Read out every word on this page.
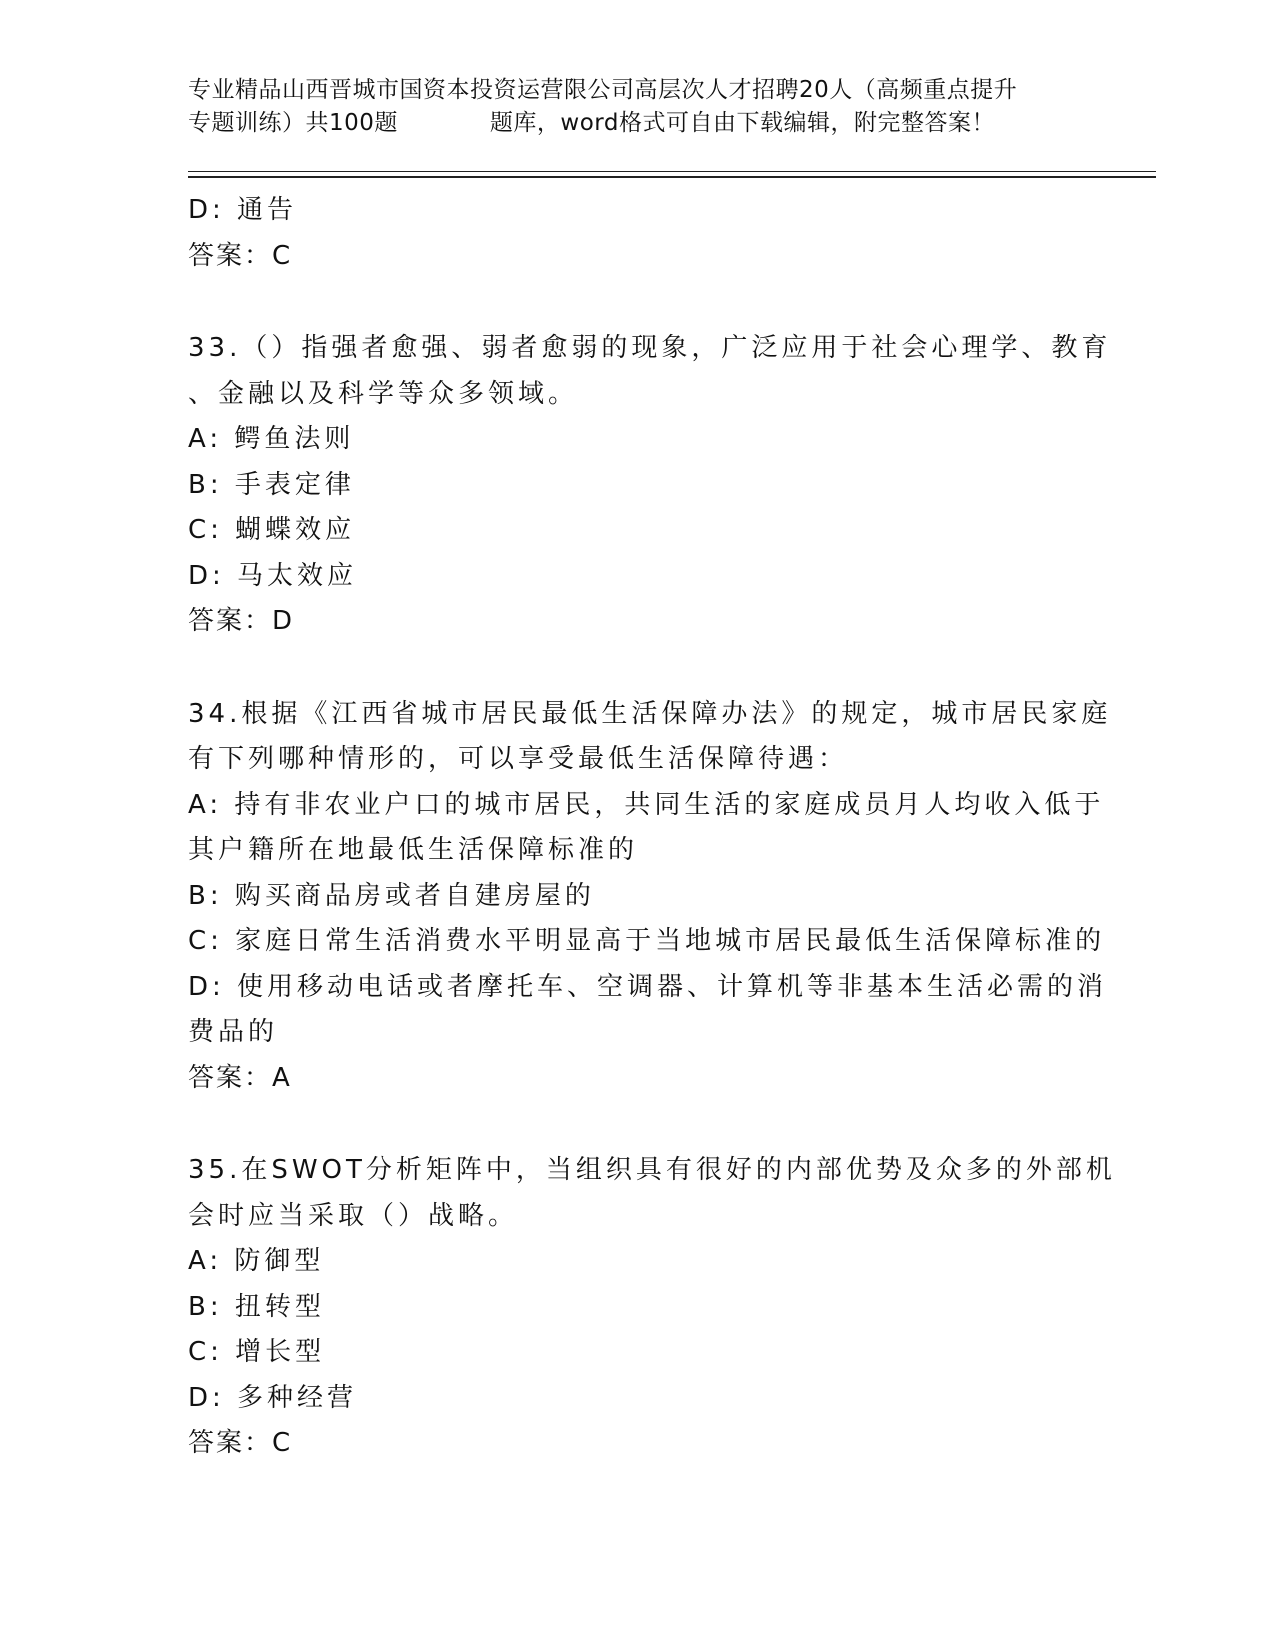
专业精品山西晋城市国资本投资运营限公司高层次人才招聘20人（高频重点提升
专题训练）共100题	题库，word格式可自由下载编辑，附完整答案！
D: 通告
答案：C
33.（）指强者愈强、弱者愈弱的现象，广泛应用于社会心理学、教育
、金融以及科学等众多领域。
A: 鳄鱼法则
B: 手表定律
C: 蝴蝶效应
D: 马太效应
答案：D
34.根据《江西省城市居民最低生活保障办法》的规定，城市居民家庭
有下列哪种情形的，可以享受最低生活保障待遇：
A: 持有非农业户口的城市居民，共同生活的家庭成员月人均收入低于
其户籍所在地最低生活保障标准的
B: 购买商品房或者自建房屋的
C: 家庭日常生活消费水平明显高于当地城市居民最低生活保障标准的
D: 使用移动电话或者摩托车、空调器、计算机等非基本生活必需的消
费品的
答案：A
35.在SWOT分析矩阵中，当组织具有很好的内部优势及众多的外部机
会时应当采取（）战略。
A: 防御型
B: 扭转型
C: 增长型
D: 多种经营
答案：C
